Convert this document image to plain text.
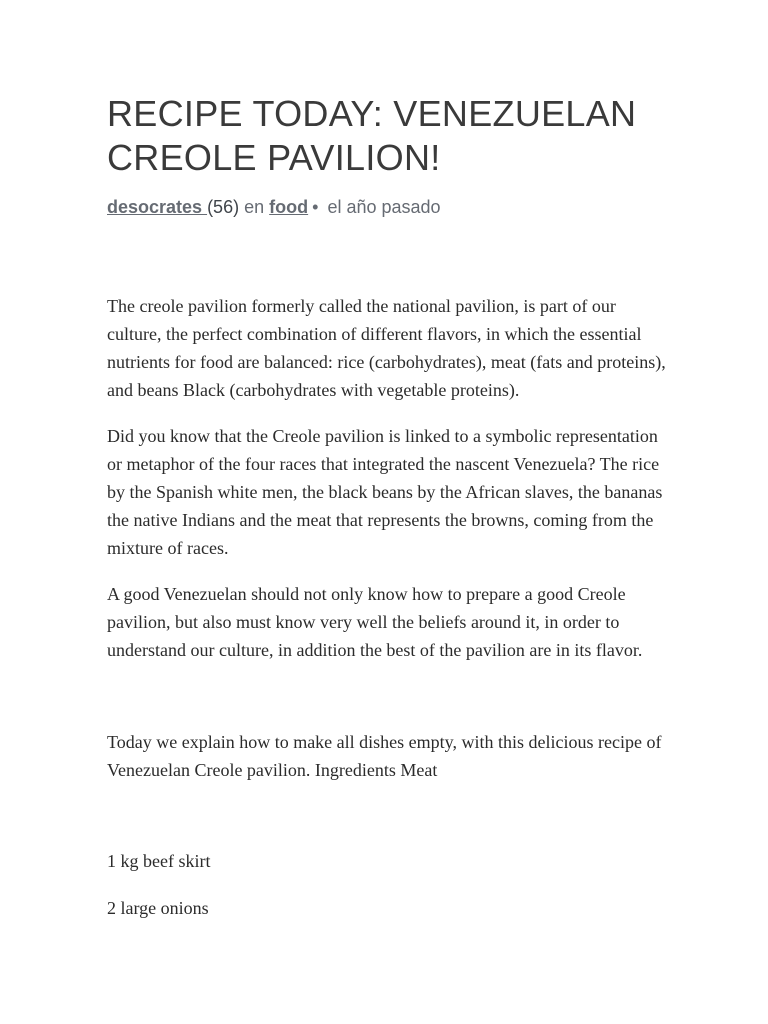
RECIPE TODAY: VENEZUELAN CREOLE PAVILION!
desocrates (56) en food • el año pasado

The creole pavilion formerly called the national pavilion, is part of our culture, the perfect combination of different flavors, in which the essential nutrients for food are balanced: rice (carbohydrates), meat (fats and proteins), and beans Black (carbohydrates with vegetable proteins).

Did you know that the Creole pavilion is linked to a symbolic representation or metaphor of the four races that integrated the nascent Venezuela? The rice by the Spanish white men, the black beans by the African slaves, the bananas the native Indians and the meat that represents the browns, coming from the mixture of races.

A good Venezuelan should not only know how to prepare a good Creole pavilion, but also must know very well the beliefs around it, in order to understand our culture, in addition the best of the pavilion are in its flavor.

Today we explain how to make all dishes empty, with this delicious recipe of Venezuelan Creole pavilion. Ingredients Meat

1 kg beef skirt

2 large onions
